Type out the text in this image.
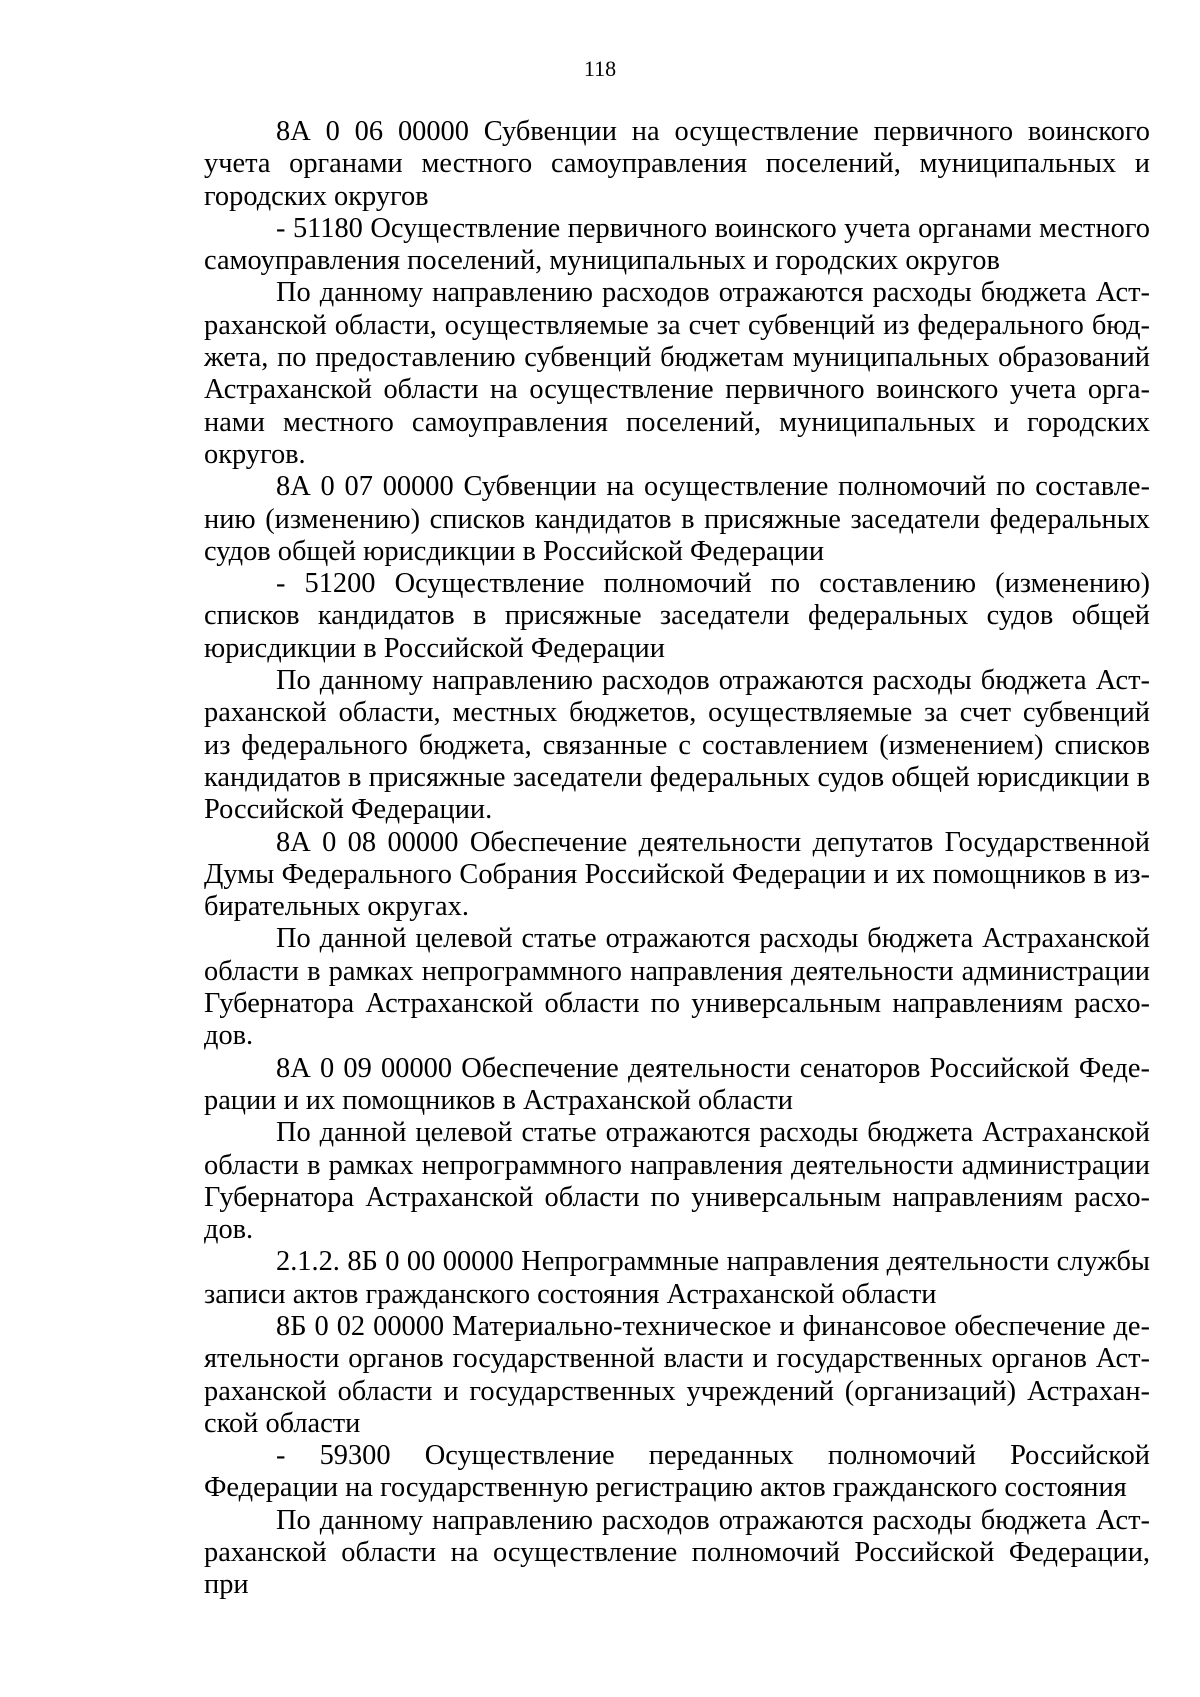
118

8А 0 06 00000 Субвенции на осуществление первичного воинского учета органами местного самоуправления поселений, муниципальных и городских округов

- 51180 Осуществление первичного воинского учета органами местного самоуправления поселений, муниципальных и городских округов

По данному направлению расходов отражаются расходы бюджета Астраханской области, осуществляемые за счет субвенций из федерального бюджета, по предоставлению субвенций бюджетам муниципальных образований Астраханской области на осуществление первичного воинского учета органами местного самоуправления поселений, муниципальных и городских округов.

8А 0 07 00000 Субвенции на осуществление полномочий по составлению (изменению) списков кандидатов в присяжные заседатели федеральных судов общей юрисдикции в Российской Федерации

- 51200 Осуществление полномочий по составлению (изменению) списков кандидатов в присяжные заседатели федеральных судов общей юрисдикции в Российской Федерации

По данному направлению расходов отражаются расходы бюджета Астраханской области, местных бюджетов, осуществляемые за счет субвенций из федерального бюджета, связанные с составлением (изменением) списков кандидатов в присяжные заседатели федеральных судов общей юрисдикции в Российской Федерации.

8А 0 08 00000 Обеспечение деятельности депутатов Государственной Думы Федерального Собрания Российской Федерации и их помощников в избирательных округах.

По данной целевой статье отражаются расходы бюджета Астраханской области в рамках непрограммного направления деятельности администрации Губернатора Астраханской области по универсальным направлениям расходов.

8А 0 09 00000 Обеспечение деятельности сенаторов Российской Федерации и их помощников в Астраханской области

По данной целевой статье отражаются расходы бюджета Астраханской области в рамках непрограммного направления деятельности администрации Губернатора Астраханской области по универсальным направлениям расходов.

2.1.2. 8Б 0 00 00000 Непрограммные направления деятельности службы записи актов гражданского состояния Астраханской области

8Б 0 02 00000 Материально-техническое и финансовое обеспечение деятельности органов государственной власти и государственных органов Астраханской области и государственных учреждений (организаций) Астраханской области

- 59300 Осуществление переданных полномочий Российской Федерации на государственную регистрацию актов гражданского состояния

По данному направлению расходов отражаются расходы бюджета Астраханской области на осуществление полномочий Российской Федерации, при
